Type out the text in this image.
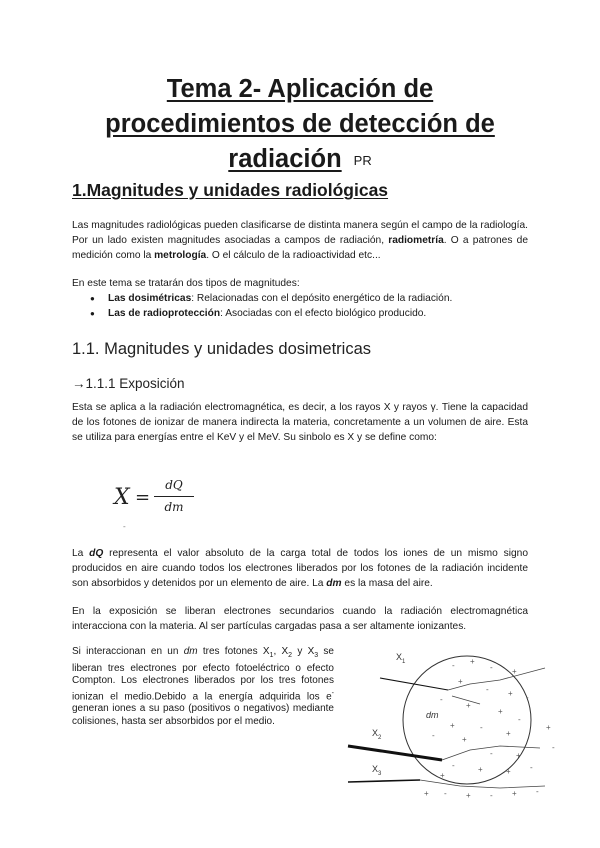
Tema 2- Aplicación de
procedimientos de detección de
radiación PR
1.Magnitudes y unidades radiológicas

Las magnitudes radiológicas pueden clasificarse de distinta manera según el campo de la radiología. Por un lado existen magnitudes asociadas a campos de radiación, radiometría. O a patrones de medición como la metrología. O el cálculo de la radioactividad etc...

En este tema se tratarán dos tipos de magnitudes:

● Las dosimétricas: Relacionadas con el depósito energético de la radiación.
● Las de radioprotección: Asociadas con el efecto biológico producido.
1.1. Magnitudes y unidades dosimetricas
→1.1.1 Exposición

Esta se aplica a la radiación electromagnética, es decir, a los rayos X y rayos γ. Tiene la capacidad de los fotones de ionizar de manera indirecta la materia, concretamente a un volumen de aire. Esta se utiliza para energías entre el KeV y el MeV. Su sinbolo es X y se define como:

X =
dQ
dm
-

La dQ representa el valor absoluto de la carga total de todos los iones de un mismo signo producidos en aire cuando todos los electrones liberados por los fotones de la radiación incidente son absorbidos y detenidos por un elemento de aire. La dm es la masa del aire.

En la exposición se liberan electrones secundarios cuando la radiación electromagnética interacciona con la materia. Al ser partículas cargadas pasa a ser altamente ionizantes.

Si interaccionan en un dm tres fotones $X_1$, $X_2$ y $X_3$ se liberan tres electrones por efecto fotoeléctrico o efecto Compton. Los electrones liberados por los tres fotones ionizan el medio.Debido a la energía adquirida los e- generan iones a su paso (positivos o negativos) mediante colisiones, hasta ser absorbidos por el medio.

$X_1$
$X_2$
$X_3$
dm
- +
- +
+
- + -
-
+
+
-
+	-
+
-	+
-	+
-	+	+ -
+
+ - + - + -
+
-
